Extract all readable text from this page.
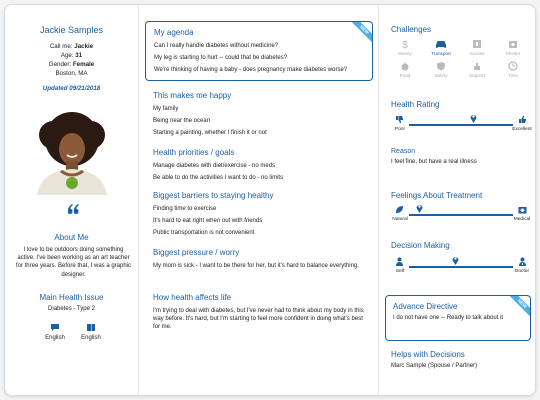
Jackie Samples
Call me: Jackie
Age: 31
Gender: Female
Boston, MA
Updated 09/21/2018
About Me
I love to be outdoors doing something active. I've been working as an art teacher for three years. Before that, I was a graphic designer.
Main Health Issue
Diabetes - Type 2
English	English
NEW
My agenda
Can I really handle diabetes without medicine?
My leg is starting to hurt -- could that be diabetes?
We're thinking of having a baby - does pregnancy make diabetes worse?
This makes me happy
My family
Being near the ocean
Starting a painting, whether I finish it or not
Health priorities / goals
Manage diabetes with diet/exercise - no meds
Be able to do the activities I want to do - no limits
Biggest barriers to staying healthy
Finding time to exercise
It's hard to eat right when out with friends
Public transportation is not convenient
Biggest pressure / worry
My mom is sick - I want to be there for her, but it's hard to balance everything.
How health affects life
I'm trying to deal with diabetes, but I've never had to think about my body in this way before. It's hard, but I'm starting to feel more confident in doing what's best for me.
Challenges
$
Money	Transport	Access	Shelter
Food	Safety	Support	Time
Health Rating
Poor	Excellent
Reason
I feel fine, but have a real illness
Feelings About Treatment
Natural	Medical
Decision Making
Self	Doctor
NEW
Advance Directive
I do not have one -- Ready to talk about it
Helps with Decisions
Marc Sample (Spouse / Partner)
